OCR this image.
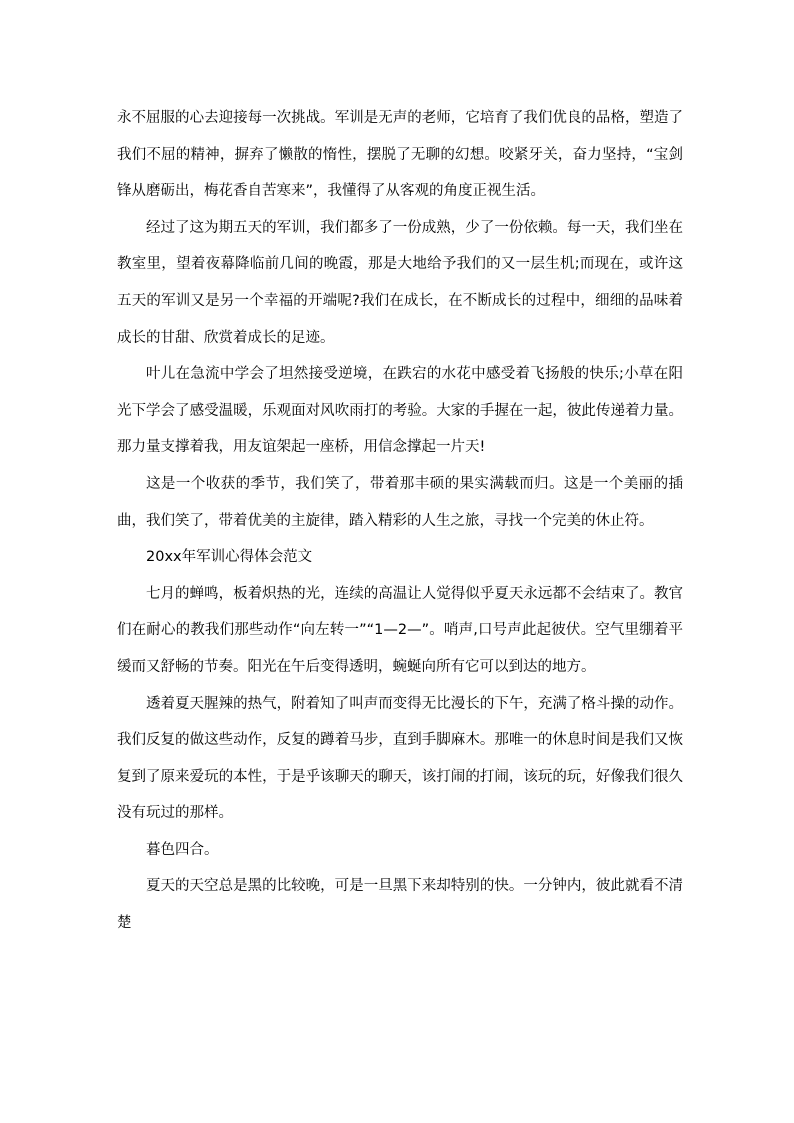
永不屈服的心去迎接每一次挑战。军训是无声的老师，它培育了我们优良的品格，塑造了我们不屈的精神，摒弃了懒散的惰性，摆脱了无聊的幻想。咬紧牙关，奋力坚持，“宝剑锋从磨砺出，梅花香自苦寒来”，我懂得了从客观的角度正视生活。

经过了这为期五天的军训，我们都多了一份成熟，少了一份依赖。每一天，我们坐在教室里，望着夜幕降临前几间的晚霞，那是大地给予我们的又一层生机;而现在，或许这五天的军训又是另一个幸福的开端呢?我们在成长，在不断成长的过程中，细细的品味着成长的甘甜、欣赏着成长的足迹。

叶儿在急流中学会了坦然接受逆境，在跌宕的水花中感受着飞扬般的快乐;小草在阳光下学会了感受温暖，乐观面对风吹雨打的考验。大家的手握在一起，彼此传递着力量。那力量支撑着我，用友谊架起一座桥，用信念撑起一片天!

这是一个收获的季节，我们笑了，带着那丰硕的果实满载而归。这是一个美丽的插曲，我们笑了，带着优美的主旋律，踏入精彩的人生之旅，寻找一个完美的休止符。

20xx年军训心得体会范文

七月的蝉鸣，板着炽热的光，连续的高温让人觉得似乎夏天永远都不会结束了。教官们在耐心的教我们那些动作“向左转一”“1—2—”。哨声,口号声此起彼伏。空气里绷着平缓而又舒畅的节奏。阳光在午后变得透明，蜿蜒向所有它可以到达的地方。

透着夏天腥辣的热气，附着知了叫声而变得无比漫长的下午，充满了格斗操的动作。我们反复的做这些动作，反复的蹲着马步，直到手脚麻木。那唯一的休息时间是我们又恢复到了原来爱玩的本性，于是乎该聊天的聊天，该打闹的打闹，该玩的玩，好像我们很久没有玩过的那样。

暮色四合。

夏天的天空总是黑的比较晚，可是一旦黑下来却特别的快。一分钟内，彼此就看不清楚
